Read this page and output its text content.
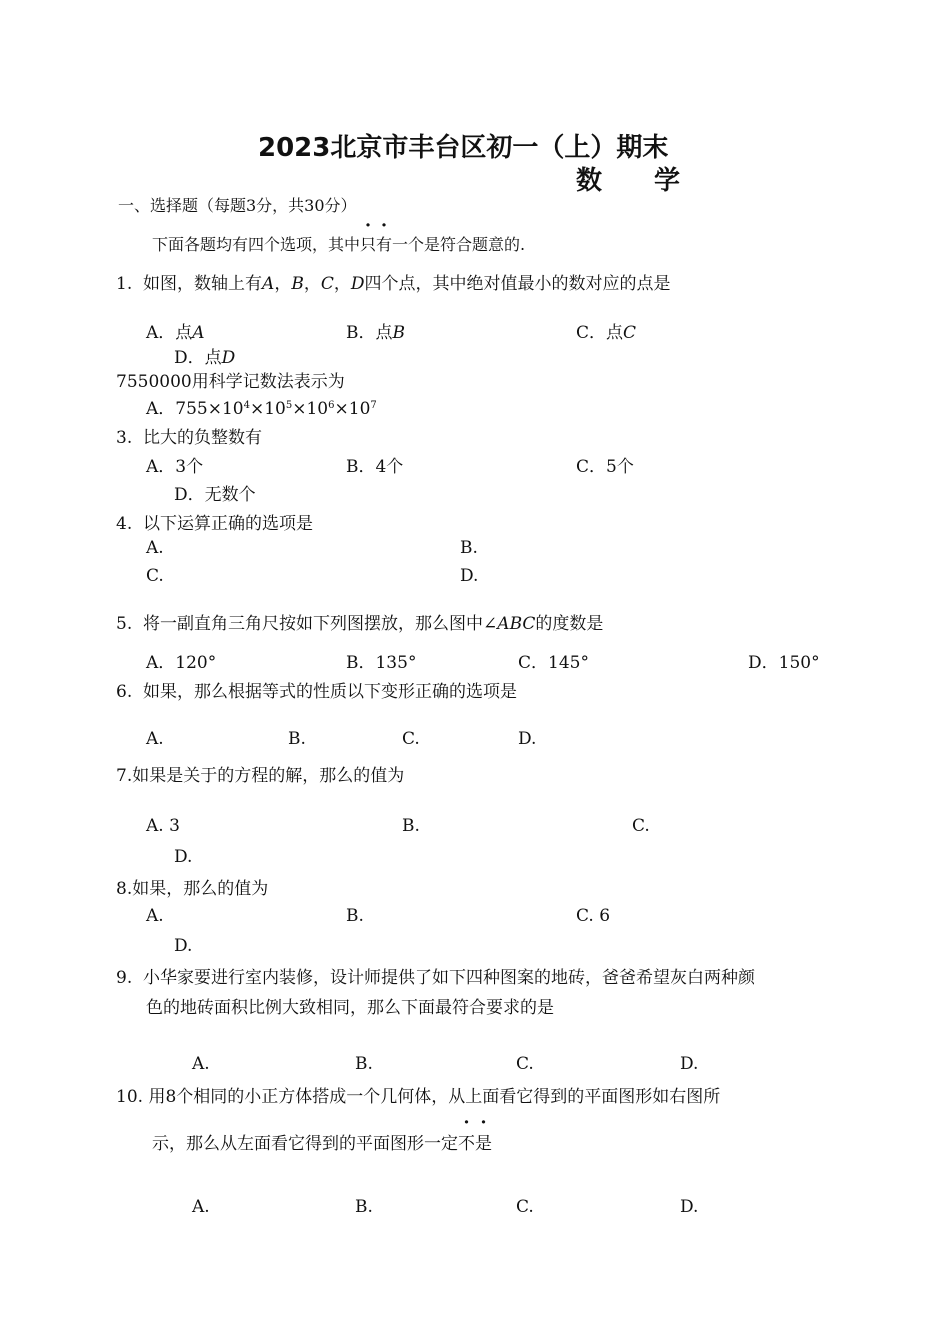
2023北京市丰台区初一（上）期末
数 学
一、选择题（每题3分，共30分）
下面各题均有四个选项，其中只有一个是符合题意的.
1. 如图，数轴上有A，B，C，D四个点，其中绝对值最小的数对应的点是
A．点A	B．点B	C．点C
D．点D
7550000用科学记数法表示为
A．$755\times 10^4\times 10^5\times 10^6\times 10^7$
3. 比大的负整数有
A．3个	B．4个	C．5个
D．无数个
4. 以下运算正确的选项是
A.	B.
C.	D.
5. 将一副直角三角尺按如下列图摆放，那么图中∠ABC的度数是
A．120°	B．135°	C．145°	D．150°
6. 如果，那么根据等式的性质以下变形正确的选项是
A.	B.	C.	D.
7.如果是关于的方程的解，那么的值为
A. 3	B.	C.
D.
8.如果，那么的值为
A.	B.	C. 6
D.
9. 小华家要进行室内装修，设计师提供了如下四种图案的地砖，爸爸希望灰白两种颜
色的地砖面积比例大致相同，那么下面最符合要求的是
A.	B.	C.	D.
10. 用8个相同的小正方体搭成一个几何体，从上面看它得到的平面图形如右图所
示，那么从左面看它得到的平面图形一定不是
A.	B.	C.	D.
